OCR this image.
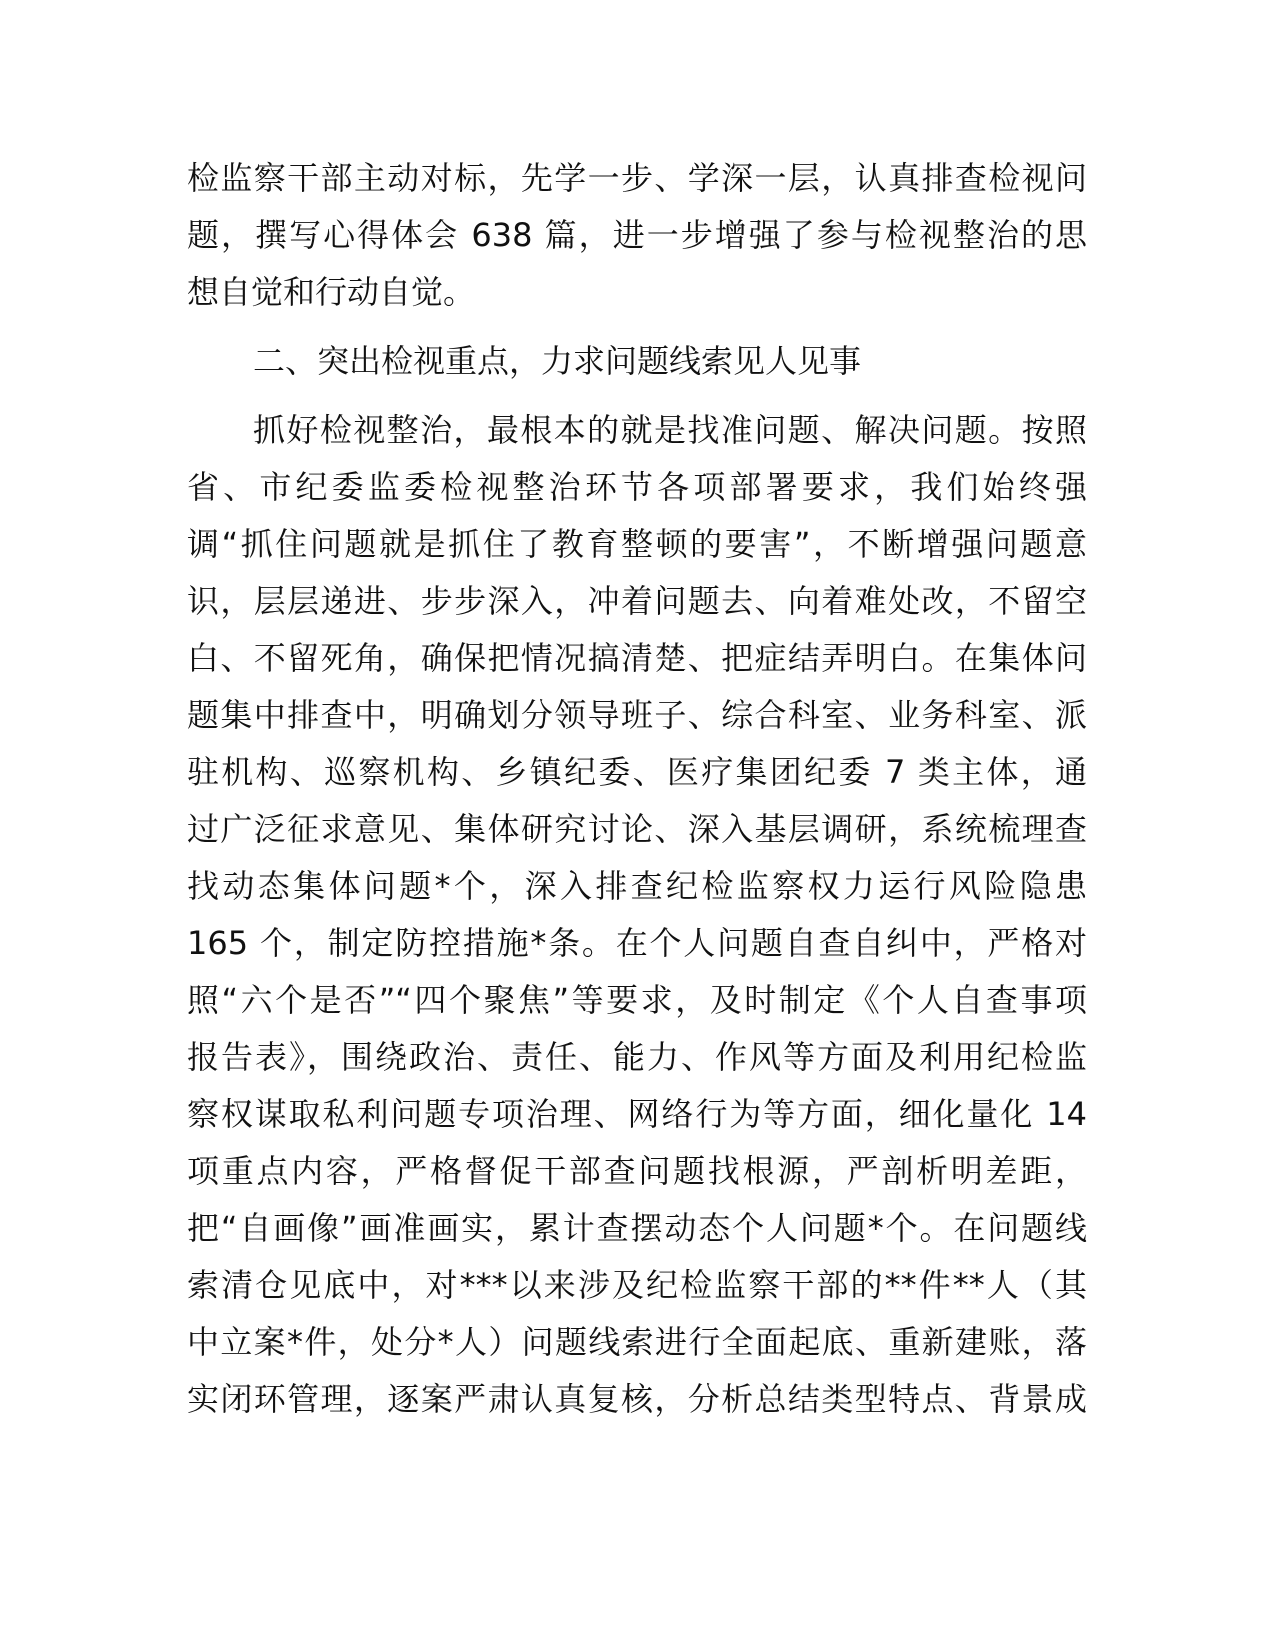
检监察干部主动对标，先学一步、学深一层，认真排查检视问
题，撰写心得体会 638 篇，进一步增强了参与检视整治的思
想自觉和行动自觉。
二、突出检视重点，力求问题线索见人见事
抓好检视整治，最根本的就是找准问题、解决问题。按照
省、市纪委监委检视整治环节各项部署要求，我们始终强
调“抓住问题就是抓住了教育整顿的要害”，不断增强问题意
识，层层递进、步步深入，冲着问题去、向着难处改，不留空
白、不留死角，确保把情况搞清楚、把症结弄明白。在集体问
题集中排查中，明确划分领导班子、综合科室、业务科室、派
驻机构、巡察机构、乡镇纪委、医疗集团纪委 7 类主体，通
过广泛征求意见、集体研究讨论、深入基层调研，系统梳理查
找动态集体问题*个，深入排查纪检监察权力运行风险隐患
165 个，制定防控措施*条。在个人问题自查自纠中，严格对
照“六个是否”“四个聚焦”等要求，及时制定《个人自查事项
报告表》，围绕政治、责任、能力、作风等方面及利用纪检监
察权谋取私利问题专项治理、网络行为等方面，细化量化 14
项重点内容，严格督促干部查问题找根源，严剖析明差距，
把“自画像”画准画实，累计查摆动态个人问题*个。在问题线
索清仓见底中，对***以来涉及纪检监察干部的**件**人（其
中立案*件，处分*人）问题线索进行全面起底、重新建账，落
实闭环管理，逐案严肃认真复核，分析总结类型特点、背景成
